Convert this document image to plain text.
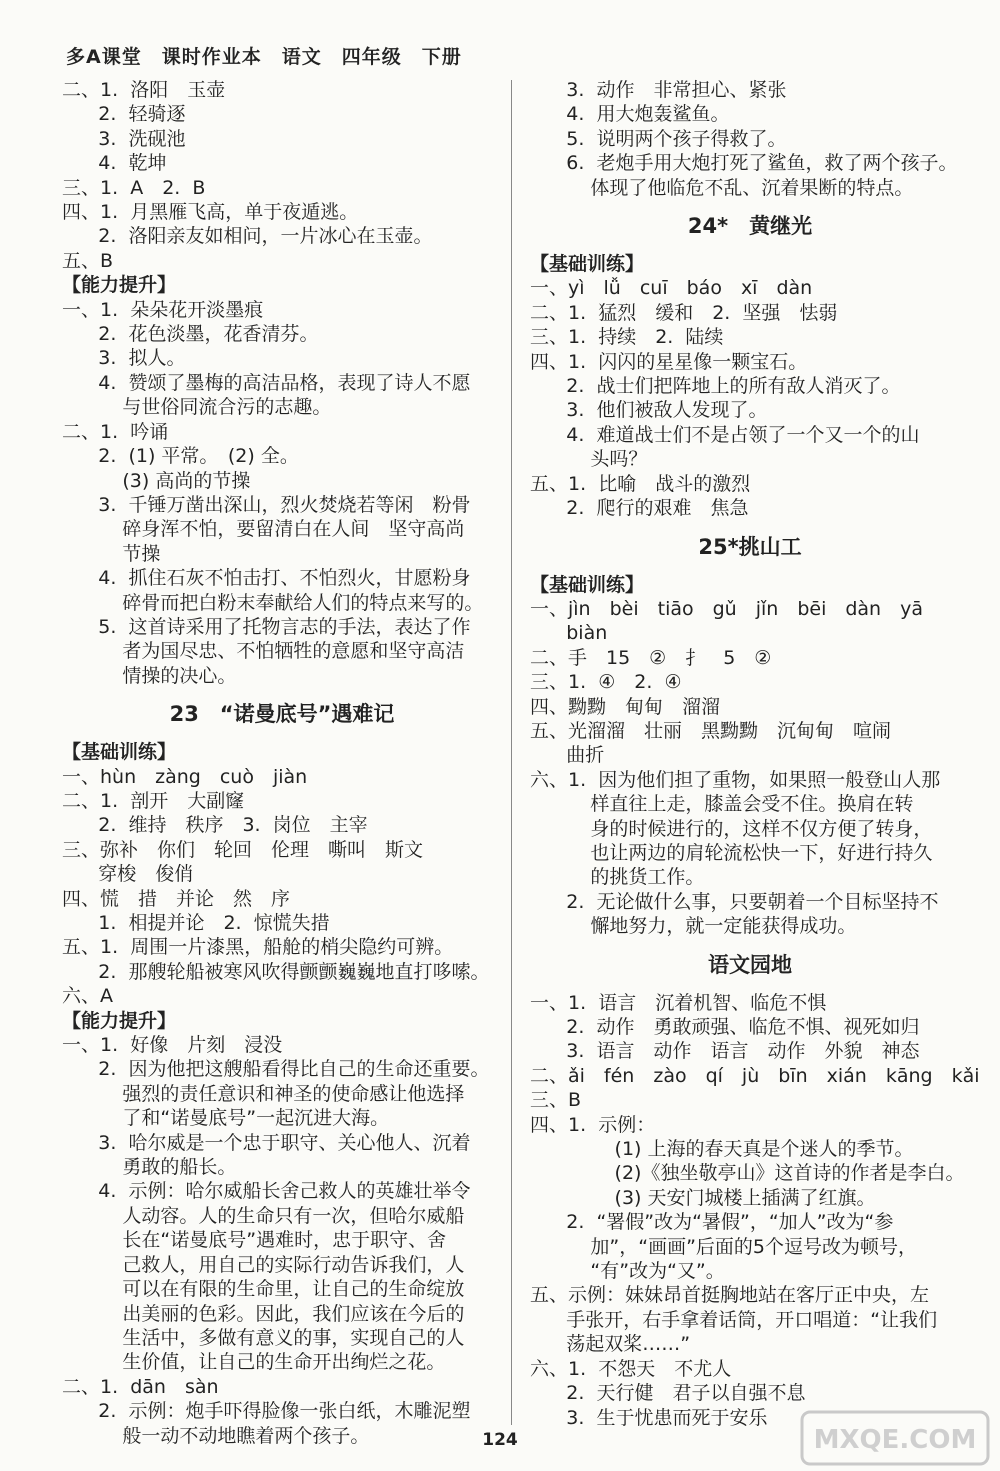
多A课堂　课时作业本　语文　四年级　下册
二、1.  洛阳　玉壶
2.  轻骑逐
3.  洗砚池
4.  乾坤
三、1.  A　2.  B
四、1.  月黑雁飞高，单于夜遁逃。
2.  洛阳亲友如相问，一片冰心在玉壶。
五、B
【能力提升】
一、1.  朵朵花开淡墨痕
2.  花色淡墨，花香清芬。
3.  拟人。
4.  赞颂了墨梅的高洁品格，表现了诗人不愿
与世俗同流合污的志趣。
二、1.  吟诵
2.  (1) 平常。　(2) 全。
(3) 高尚的节操
3.  千锤万凿出深山，烈火焚烧若等闲　粉骨
碎身浑不怕，要留清白在人间　坚守高尚
节操
4.  抓住石灰不怕击打、不怕烈火，甘愿粉身
碎骨而把白粉末奉献给人们的特点来写的。
5.  这首诗采用了托物言志的手法，表达了作
者为国尽忠、不怕牺牲的意愿和坚守高洁
情操的决心。
23　“诺曼底号”遇难记
【基础训练】
一、hùn　zàng　cuò　jiàn
二、1.  剖开　大副窿
2.  维持　秩序　3.  岗位　主宰
三、弥补　你们　轮回　伦理　嘶叫　斯文
穿梭　俊俏
四、慌　措　并论　然　序
1.  相提并论　2.  惊慌失措
五、1.  周围一片漆黑，船舱的梢尖隐约可辨。
2.  那艘轮船被寒风吹得颤颤巍巍地直打哆嗦。
六、A
【能力提升】
一、1.  好像　片刻　浸没
2.  因为他把这艘船看得比自己的生命还重要。
强烈的责任意识和神圣的使命感让他选择
了和“诺曼底号”一起沉进大海。
3.  哈尔威是一个忠于职守、关心他人、沉着
勇敢的船长。
4.  示例：哈尔威船长舍己救人的英雄壮举令
人动容。人的生命只有一次，但哈尔威船
长在“诺曼底号”遇难时，忠于职守、舍
己救人，用自己的实际行动告诉我们，人
可以在有限的生命里，让自己的生命绽放
出美丽的色彩。因此，我们应该在今后的
生活中，多做有意义的事，实现自己的人
生价值，让自己的生命开出绚烂之花。
二、1.  dān　sàn
2.  示例：炮手吓得脸像一张白纸，木雕泥塑
般一动不动地瞧着两个孩子。
3.  动作　非常担心、紧张
4.  用大炮轰鲨鱼。
5.  说明两个孩子得救了。
6.  老炮手用大炮打死了鲨鱼，救了两个孩子。
体现了他临危不乱、沉着果断的特点。
24*　黄继光
【基础训练】
一、yì　lǚ　cuī　báo　xī　dàn
二、1.  猛烈　缓和　2.  坚强　怯弱
三、1.  持续　2.  陆续
四、1.  闪闪的星星像一颗宝石。
2.  战士们把阵地上的所有敌人消灭了。
3.  他们被敌人发现了。
4.  难道战士们不是占领了一个又一个的山
头吗？
五、1.  比喻　战斗的激烈
2.  爬行的艰难　焦急
25*挑山工
【基础训练】
一、jìn　bèi　tiāo　gǔ　jǐn　bēi　dàn　yā
biàn
二、手　15　②　扌　5　②
三、1.  ④　2.  ④
四、黝黝　甸甸　溜溜
五、光溜溜　壮丽　黑黝黝　沉甸甸　喧闹
曲折
六、1.  因为他们担了重物，如果照一般登山人那
样直往上走，膝盖会受不住。换肩在转
身的时候进行的，这样不仅方便了转身，
也让两边的肩轮流松快一下，好进行持久
的挑货工作。
2.  无论做什么事，只要朝着一个目标坚持不
懈地努力，就一定能获得成功。
语文园地
一、1.  语言　沉着机智、临危不惧
2.  动作　勇敢顽强、临危不惧、视死如归
3.  语言　动作　语言　动作　外貌　神态
二、ǎi　fén　zào　qí　jù　bīn　xián　kāng　kǎi
三、B
四、1.  示例：
(1) 上海的春天真是个迷人的季节。
(2)《独坐敬亭山》这首诗的作者是李白。
(3) 天安门城楼上插满了红旗。
2.  “署假”改为“暑假”，“加人”改为“参
加”，“画画”后面的5个逗号改为顿号，
“有”改为“又”。
五、示例：妹妹昂首挺胸地站在客厅正中央，左
手张开，右手拿着话筒，开口唱道：“让我们
荡起双桨……”
六、1.  不怨天　不尤人
2.  天行健　君子以自强不息
3.  生于忧患而死于安乐
124	MXQE.COM
